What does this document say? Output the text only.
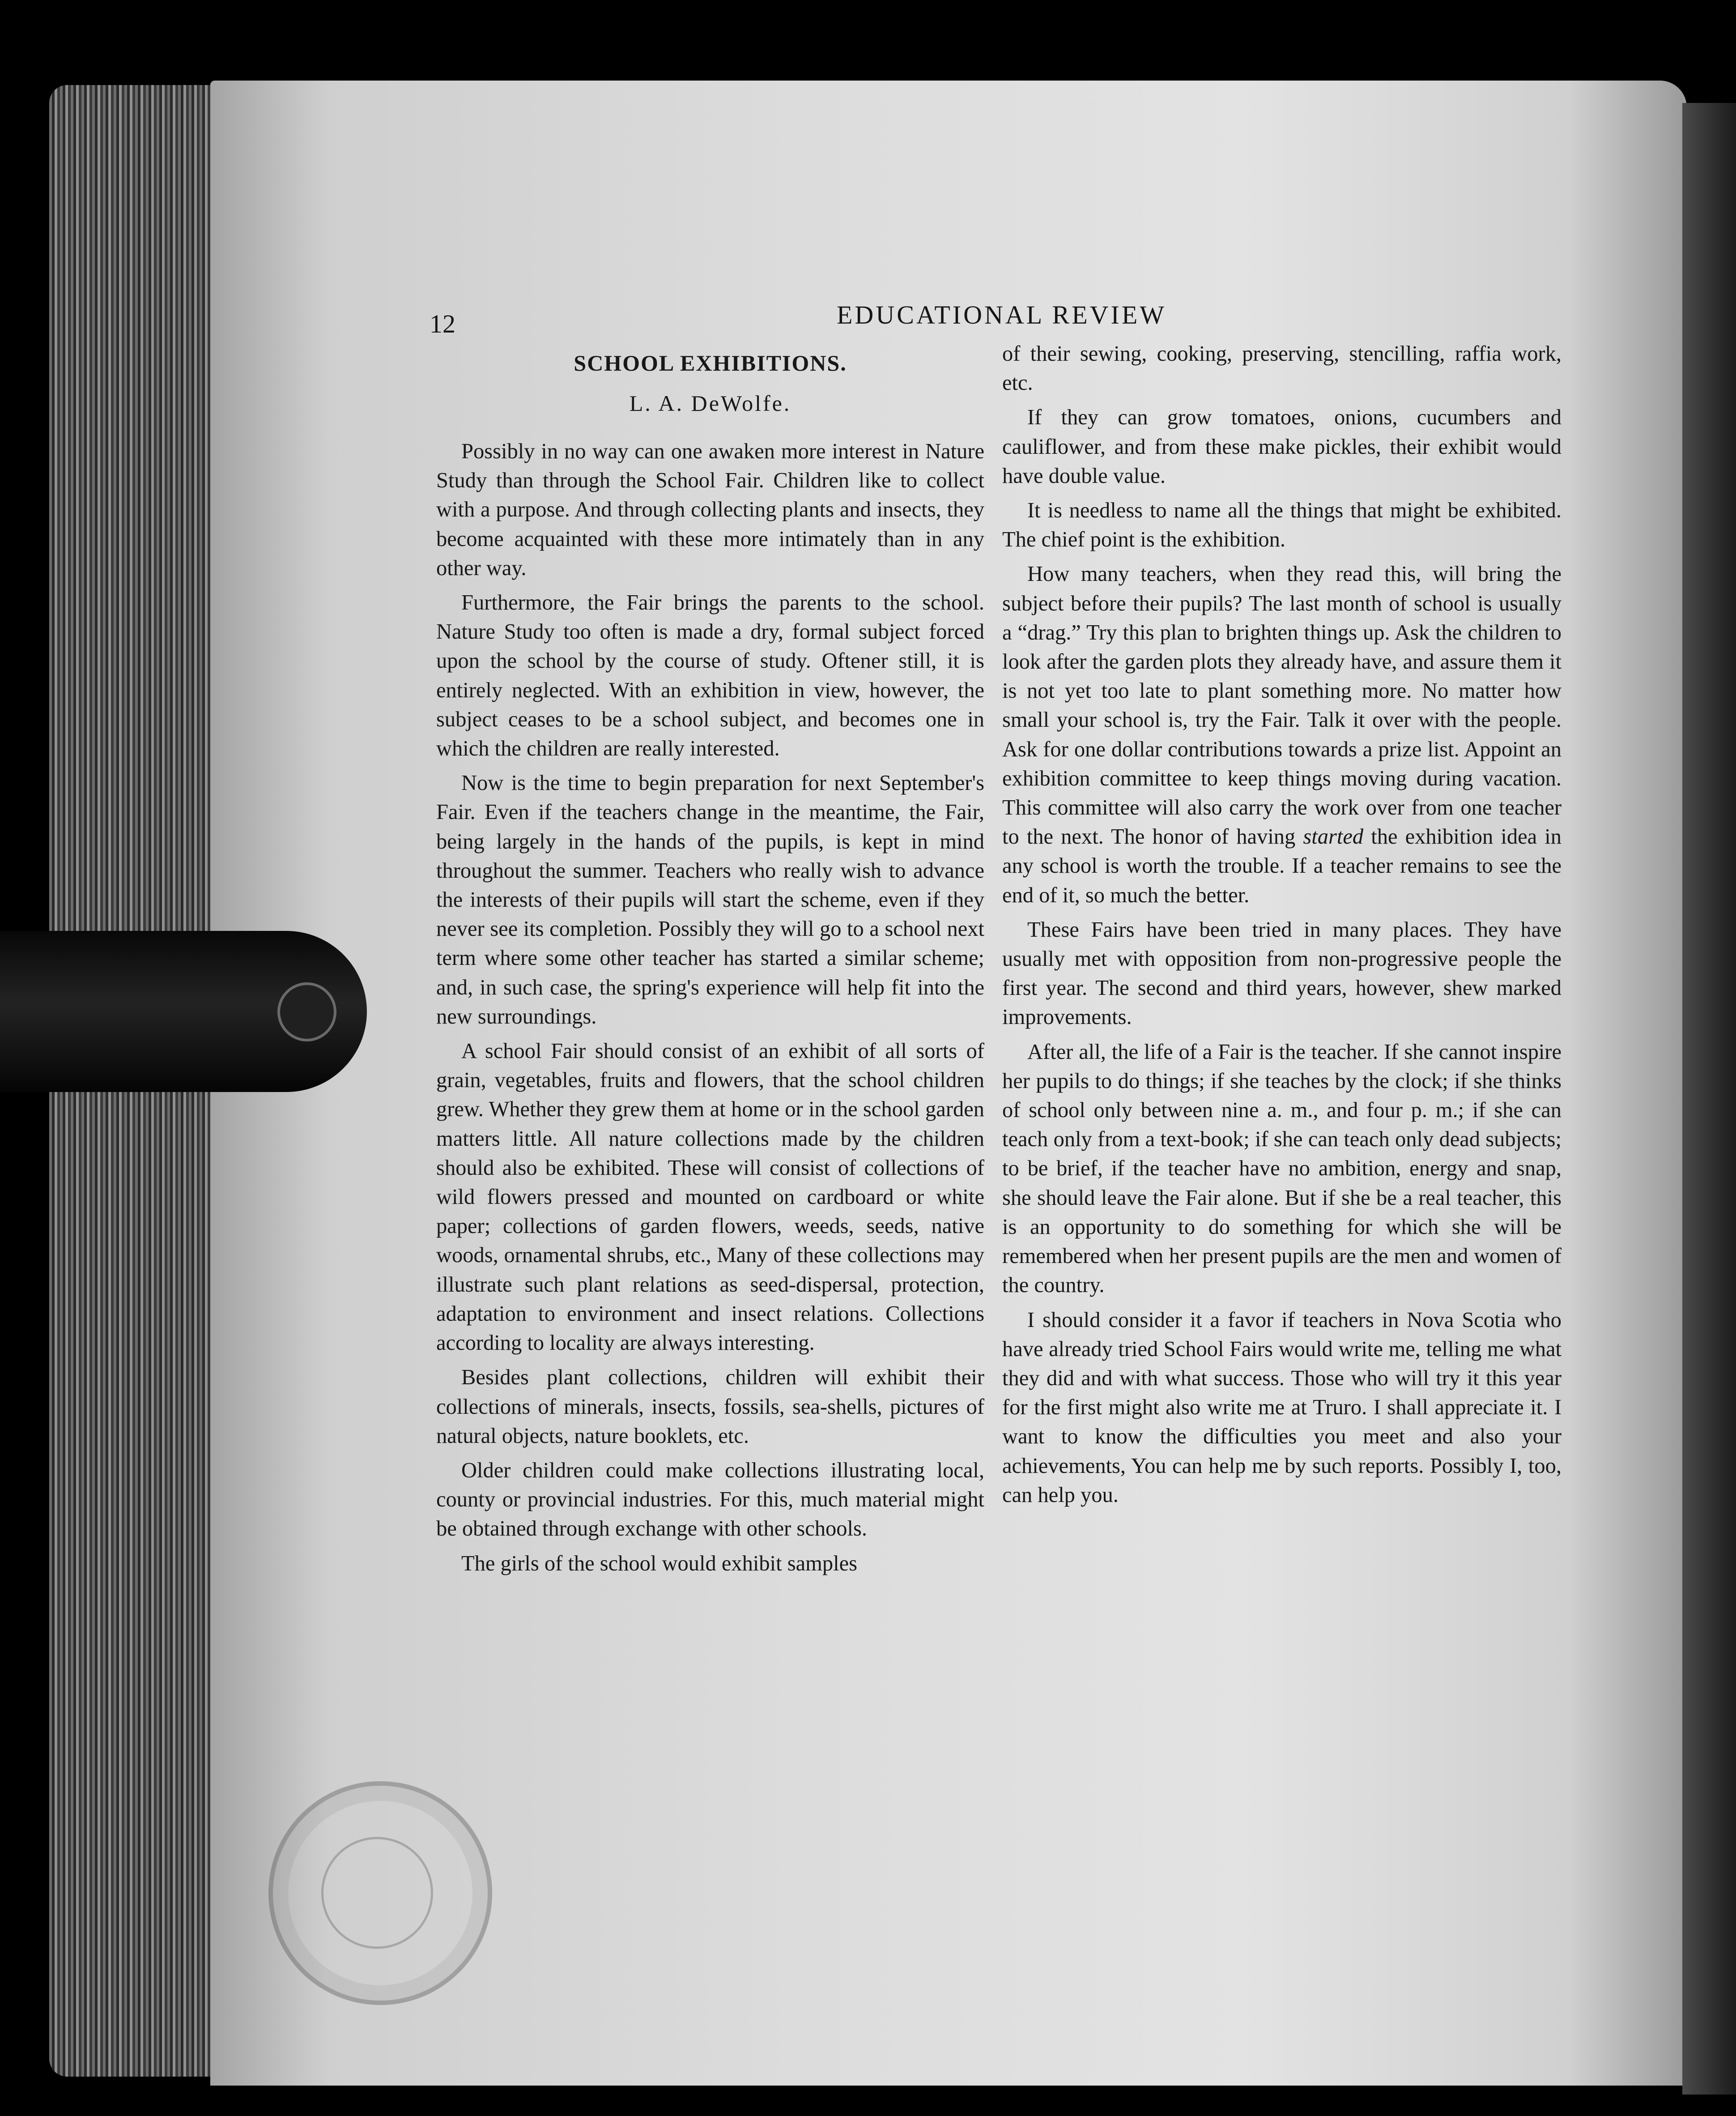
12	EDUCATIONAL REVIEW
SCHOOL EXHIBITIONS.
L. A. DeWolfe.

Possibly in no way can one awaken more interest in Nature Study than through the School Fair. Children like to collect with a purpose. And through collecting plants and insects, they become acquainted with these more intimately than in any other way.

Furthermore, the Fair brings the parents to the school. Nature Study too often is made a dry, formal subject forced upon the school by the course of study. Oftener still, it is entirely neglected. With an exhibition in view, however, the subject ceases to be a school subject, and becomes one in which the children are really interested.

Now is the time to begin preparation for next September's Fair. Even if the teachers change in the meantime, the Fair, being largely in the hands of the pupils, is kept in mind throughout the summer. Teachers who really wish to advance the interests of their pupils will start the scheme, even if they never see its completion. Possibly they will go to a school next term where some other teacher has started a similar scheme; and, in such case, the spring's experience will help fit into the new surroundings.

A school Fair should consist of an exhibit of all sorts of grain, vegetables, fruits and flowers, that the school children grew. Whether they grew them at home or in the school garden matters little. All nature collections made by the children should also be exhibited. These will consist of collections of wild flowers pressed and mounted on cardboard or white paper; collections of garden flowers, weeds, seeds, native woods, ornamental shrubs, etc., Many of these collections may illustrate such plant relations as seed-dispersal, protection, adaptation to environment and insect relations. Collections according to locality are always interesting.

Besides plant collections, children will exhibit their collections of minerals, insects, fossils, sea-shells, pictures of natural objects, nature booklets, etc.

Older children could make collections illustrating local, county or provincial industries. For this, much material might be obtained through exchange with other schools.

The girls of the school would exhibit samples

of their sewing, cooking, preserving, stencilling, raffia work, etc.

If they can grow tomatoes, onions, cucumbers and cauliflower, and from these make pickles, their exhibit would have double value.

It is needless to name all the things that might be exhibited. The chief point is the exhibition.

How many teachers, when they read this, will bring the subject before their pupils? The last month of school is usually a “drag.” Try this plan to brighten things up. Ask the children to look after the garden plots they already have, and assure them it is not yet too late to plant something more. No matter how small your school is, try the Fair. Talk it over with the people. Ask for one dollar contributions towards a prize list. Appoint an exhibition committee to keep things moving during vacation. This committee will also carry the work over from one teacher to the next. The honor of having started the exhibition idea in any school is worth the trouble. If a teacher remains to see the end of it, so much the better.

These Fairs have been tried in many places. They have usually met with opposition from non-progressive people the first year. The second and third years, however, shew marked improvements.

After all, the life of a Fair is the teacher. If she cannot inspire her pupils to do things; if she teaches by the clock; if she thinks of school only between nine a. m., and four p. m.; if she can teach only from a text-book; if she can teach only dead subjects; to be brief, if the teacher have no ambition, energy and snap, she should leave the Fair alone. But if she be a real teacher, this is an opportunity to do something for which she will be remembered when her present pupils are the men and women of the country.

I should consider it a favor if teachers in Nova Scotia who have already tried School Fairs would write me, telling me what they did and with what success. Those who will try it this year for the first might also write me at Truro. I shall appreciate it. I want to know the difficulties you meet and also your achievements, You can help me by such reports. Possibly I, too, can help you.
